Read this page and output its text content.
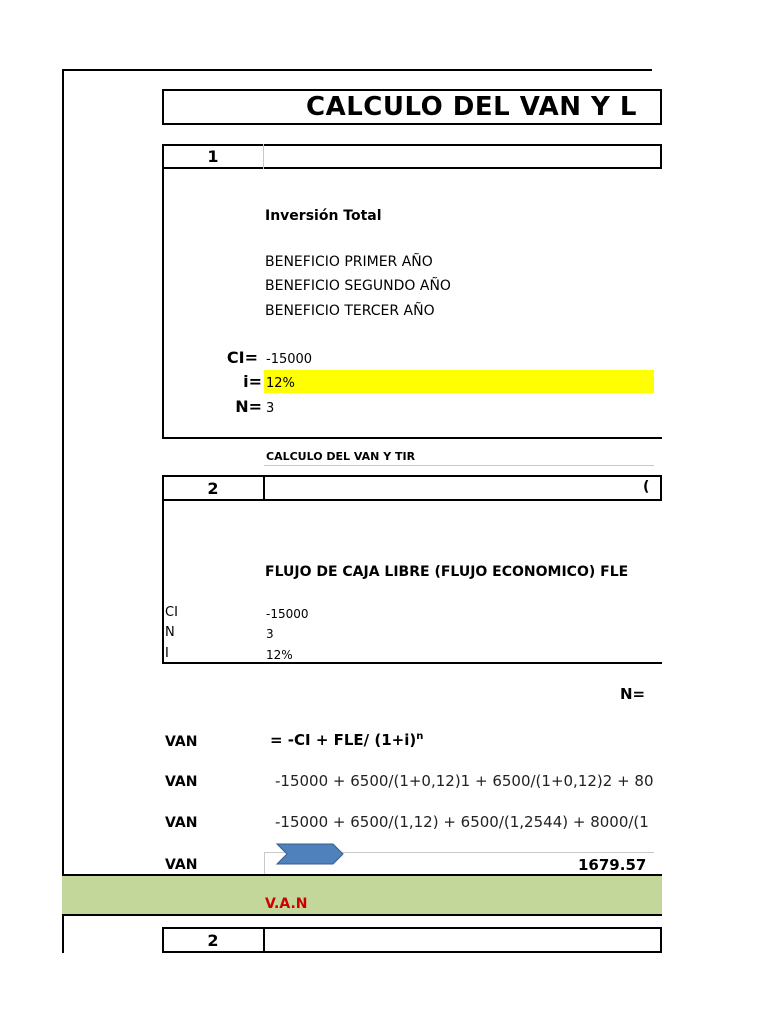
CALCULO DEL VAN Y L
1
Inversión Total
BENEFICIO PRIMER AÑO
BENEFICIO SEGUNDO AÑO
BENEFICIO TERCER AÑO
CI= -15000
i= 12%
N= 3
CALCULO DEL VAN Y TIR
2	(
FLUJO DE CAJA LIBRE (FLUJO ECONOMICO) FLE
CI	-15000
N	3
I	12%
N=
VAN	= -CI + FLE/ $(1+i)^n$
VAN	-15000 + 6500/(1+0,12)1 + 6500/(1+0,12)2 + 80
VAN	-15000 + 6500/(1,12) + 6500/(1,2544) + 8000/(1
VAN	1679.57
V.A.N
2
